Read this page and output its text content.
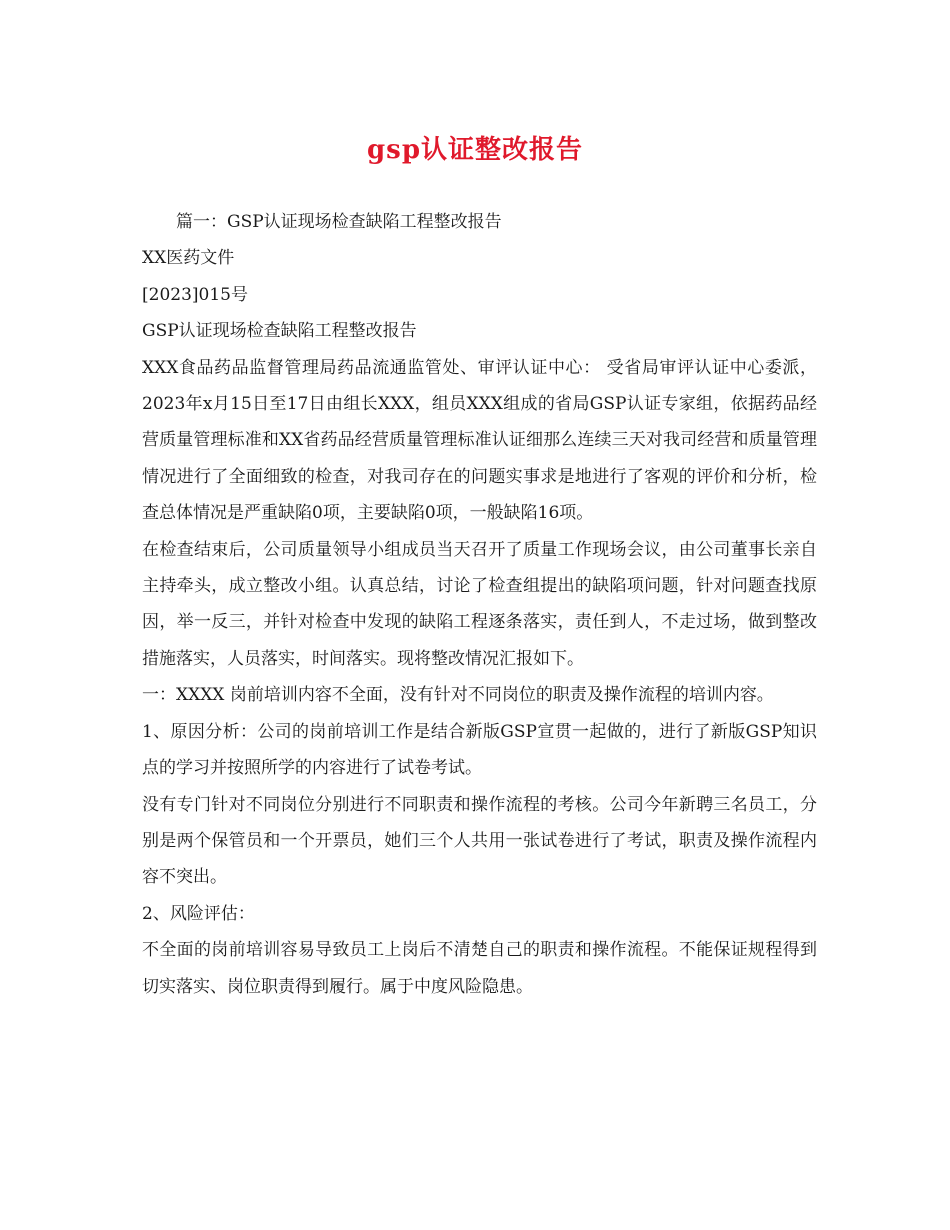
gsp认证整改报告

篇一：GSP认证现场检查缺陷工程整改报告

XX医药文件

[2023]015号

GSP认证现场检查缺陷工程整改报告

XXX食品药品监督管理局药品流通监管处、审评认证中心： 受省局审评认证中心委派，2023年x月15日至17日由组长XXX，组员XXX组成的省局GSP认证专家组，依据药品经营质量管理标准和XX省药品经营质量管理标准认证细那么连续三天对我司经营和质量管理情况进行了全面细致的检查，对我司存在的问题实事求是地进行了客观的评价和分析，检查总体情况是严重缺陷0项，主要缺陷0项，一般缺陷16项。

在检查结束后，公司质量领导小组成员当天召开了质量工作现场会议，由公司董事长亲自主持牵头，成立整改小组。认真总结，讨论了检查组提出的缺陷项问题，针对问题查找原因，举一反三，并针对检查中发现的缺陷工程逐条落实，责任到人，不走过场，做到整改措施落实，人员落实，时间落实。现将整改情况汇报如下。

一：XXXX 岗前培训内容不全面，没有针对不同岗位的职责及操作流程的培训内容。

1、原因分析：公司的岗前培训工作是结合新版GSP宣贯一起做的，进行了新版GSP知识点的学习并按照所学的内容进行了试卷考试。

没有专门针对不同岗位分别进行不同职责和操作流程的考核。公司今年新聘三名员工，分别是两个保管员和一个开票员，她们三个人共用一张试卷进行了考试，职责及操作流程内容不突出。

2、风险评估：

不全面的岗前培训容易导致员工上岗后不清楚自己的职责和操作流程。不能保证规程得到切实落实、岗位职责得到履行。属于中度风险隐患。
